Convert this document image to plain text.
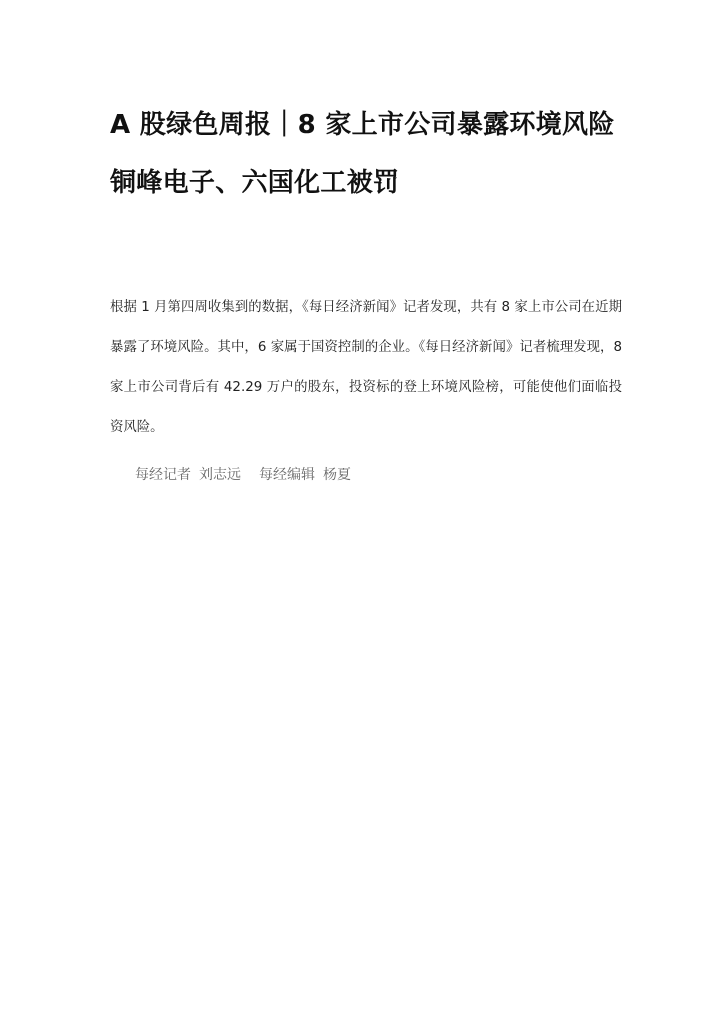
A 股绿色周报｜8 家上市公司暴露环境风险 铜峰电子、六国化工被罚

根据 1 月第四周收集到的数据，《每日经济新闻》记者发现，共有 8 家上市公司在近期暴露了环境风险。其中，6 家属于国资控制的企业。《每日经济新闻》记者梳理发现，8 家上市公司背后有 42.29 万户的股东，投资标的登上环境风险榜，可能使他们面临投资风险。

每经记者 刘志远 每经编辑 杨夏
